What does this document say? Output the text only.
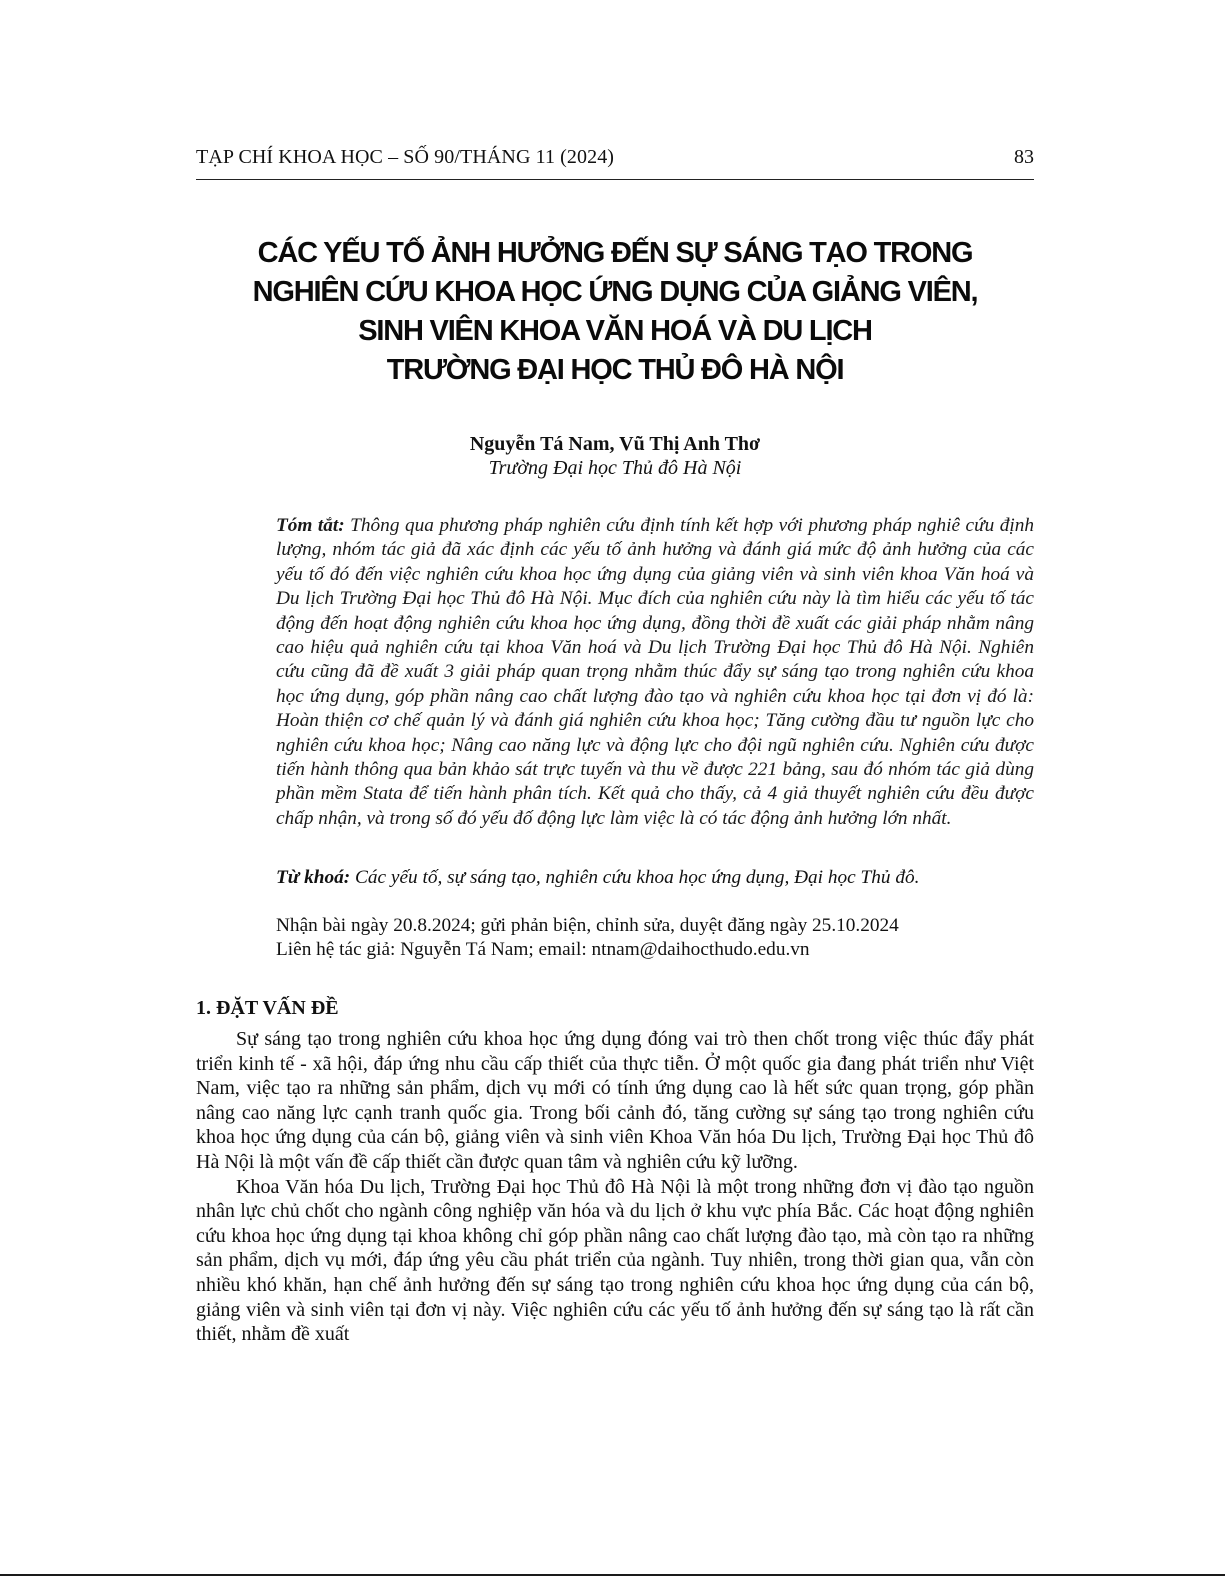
TẠP CHÍ KHOA HỌC – SỐ 90/THÁNG 11 (2024)	83
CÁC YẾU TỐ ẢNH HƯỞNG ĐẾN SỰ SÁNG TẠO TRONG
NGHIÊN CỨU KHOA HỌC ỨNG DỤNG CỦA GIẢNG VIÊN,
SINH VIÊN KHOA VĂN HOÁ VÀ DU LỊCH
TRƯỜNG ĐẠI HỌC THỦ ĐÔ HÀ NỘI
Nguyễn Tá Nam, Vũ Thị Anh Thơ
Trường Đại học Thủ đô Hà Nội
Tóm tắt: Thông qua phương pháp nghiên cứu định tính kết hợp với phương pháp nghiê cứu định lượng, nhóm tác giả đã xác định các yếu tố ảnh hưởng và đánh giá mức độ ảnh hưởng của các yếu tố đó đến việc nghiên cứu khoa học ứng dụng của giảng viên và sinh viên khoa Văn hoá và Du lịch Trường Đại học Thủ đô Hà Nội. Mục đích của nghiên cứu này là tìm hiểu các yếu tố tác động đến hoạt động nghiên cứu khoa học ứng dụng, đồng thời đề xuất các giải pháp nhằm nâng cao hiệu quả nghiên cứu tại khoa Văn hoá và Du lịch Trường Đại học Thủ đô Hà Nội. Nghiên cứu cũng đã đề xuất 3 giải pháp quan trọng nhằm thúc đẩy sự sáng tạo trong nghiên cứu khoa học ứng dụng, góp phần nâng cao chất lượng đào tạo và nghiên cứu khoa học tại đơn vị đó là: Hoàn thiện cơ chế quản lý và đánh giá nghiên cứu khoa học; Tăng cường đầu tư nguồn lực cho nghiên cứu khoa học; Nâng cao năng lực và động lực cho đội ngũ nghiên cứu. Nghiên cứu được tiến hành thông qua bản khảo sát trực tuyến và thu về được 221 bảng, sau đó nhóm tác giả dùng phần mềm Stata để tiến hành phân tích. Kết quả cho thấy, cả 4 giả thuyết nghiên cứu đều được chấp nhận, và trong số đó yếu đố động lực làm việc là có tác động ảnh hưởng lớn nhất.
Từ khoá: Các yếu tố, sự sáng tạo, nghiên cứu khoa học ứng dụng, Đại học Thủ đô.
Nhận bài ngày 20.8.2024; gửi phản biện, chỉnh sửa, duyệt đăng ngày 25.10.2024
Liên hệ tác giả: Nguyễn Tá Nam; email: ntnam@daihocthudo.edu.vn
1. ĐẶT VẤN ĐỀ

Sự sáng tạo trong nghiên cứu khoa học ứng dụng đóng vai trò then chốt trong việc thúc đẩy phát triển kinh tế - xã hội, đáp ứng nhu cầu cấp thiết của thực tiễn. Ở một quốc gia đang phát triển như Việt Nam, việc tạo ra những sản phẩm, dịch vụ mới có tính ứng dụng cao là hết sức quan trọng, góp phần nâng cao năng lực cạnh tranh quốc gia. Trong bối cảnh đó, tăng cường sự sáng tạo trong nghiên cứu khoa học ứng dụng của cán bộ, giảng viên và sinh viên Khoa Văn hóa Du lịch, Trường Đại học Thủ đô Hà Nội là một vấn đề cấp thiết cần được quan tâm và nghiên cứu kỹ lưỡng.

Khoa Văn hóa Du lịch, Trường Đại học Thủ đô Hà Nội là một trong những đơn vị đào tạo nguồn nhân lực chủ chốt cho ngành công nghiệp văn hóa và du lịch ở khu vực phía Bắc. Các hoạt động nghiên cứu khoa học ứng dụng tại khoa không chỉ góp phần nâng cao chất lượng đào tạo, mà còn tạo ra những sản phẩm, dịch vụ mới, đáp ứng yêu cầu phát triển của ngành. Tuy nhiên, trong thời gian qua, vẫn còn nhiều khó khăn, hạn chế ảnh hưởng đến sự sáng tạo trong nghiên cứu khoa học ứng dụng của cán bộ, giảng viên và sinh viên tại đơn vị này. Việc nghiên cứu các yếu tố ảnh hưởng đến sự sáng tạo là rất cần thiết, nhằm đề xuất
